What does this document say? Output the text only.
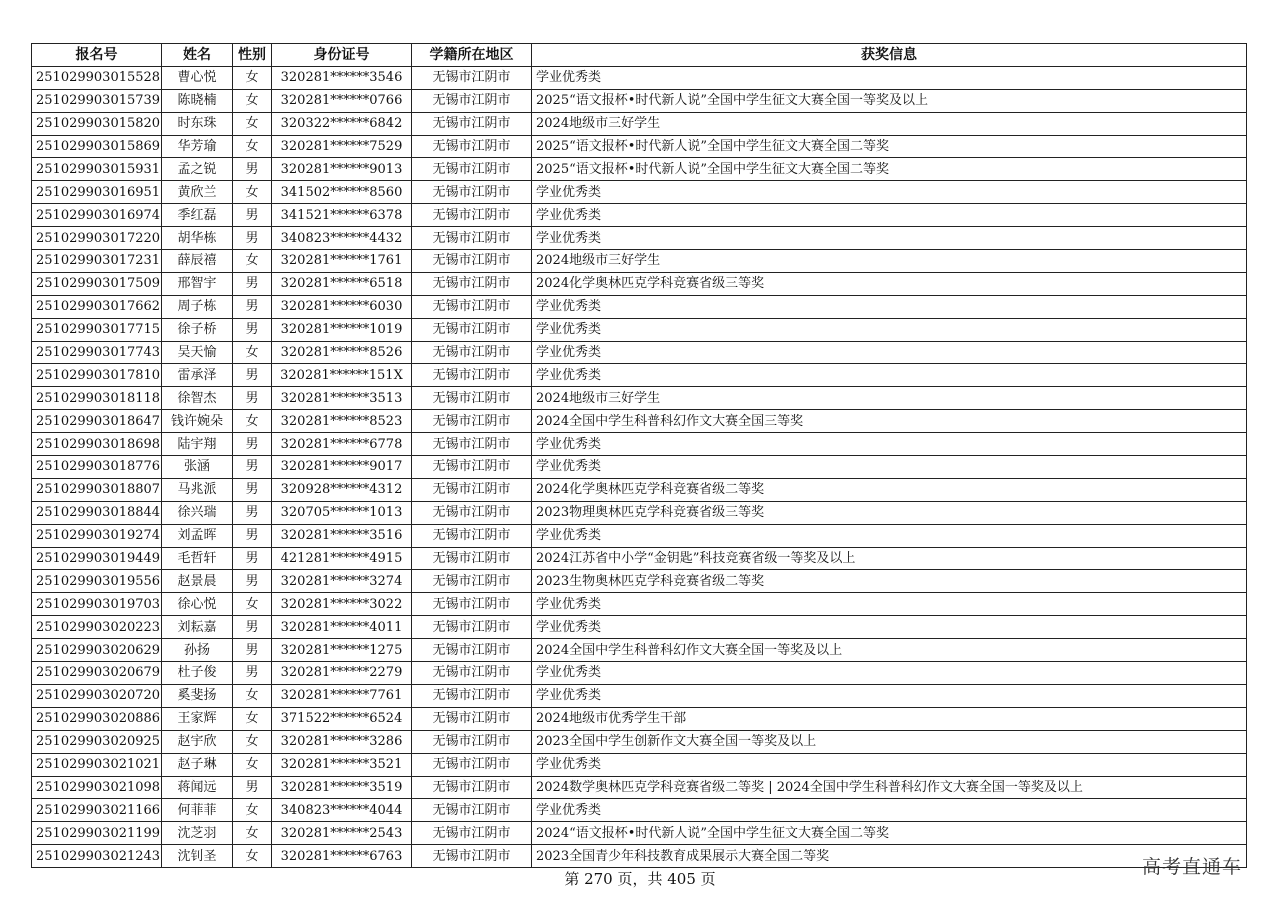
报名号	姓名	性别	身份证号	学籍所在地区	获奖信息
251029903015528	曹心悦	女	320281******3546	无锡市江阴市	学业优秀类
251029903015739	陈晓楠	女	320281******0766	无锡市江阴市	2025“语文报杯•时代新人说”全国中学生征文大赛全国一等奖及以上
251029903015820	时东珠	女	320322******6842	无锡市江阴市	2024地级市三好学生
251029903015869	华芳瑜	女	320281******7529	无锡市江阴市	2025“语文报杯•时代新人说”全国中学生征文大赛全国二等奖
251029903015931	孟之锐	男	320281******9013	无锡市江阴市	2025“语文报杯•时代新人说”全国中学生征文大赛全国二等奖
251029903016951	黄欣兰	女	341502******8560	无锡市江阴市	学业优秀类
251029903016974	季红磊	男	341521******6378	无锡市江阴市	学业优秀类
251029903017220	胡华栋	男	340823******4432	无锡市江阴市	学业优秀类
251029903017231	薛辰禧	女	320281******1761	无锡市江阴市	2024地级市三好学生
251029903017509	邢智宇	男	320281******6518	无锡市江阴市	2024化学奥林匹克学科竞赛省级三等奖
251029903017662	周子栋	男	320281******6030	无锡市江阴市	学业优秀类
251029903017715	徐子桥	男	320281******1019	无锡市江阴市	学业优秀类
251029903017743	吴天愉	女	320281******8526	无锡市江阴市	学业优秀类
251029903017810	雷承泽	男	320281******151X	无锡市江阴市	学业优秀类
251029903018118	徐智杰	男	320281******3513	无锡市江阴市	2024地级市三好学生
251029903018647	钱许婉朵	女	320281******8523	无锡市江阴市	2024全国中学生科普科幻作文大赛全国三等奖
251029903018698	陆宇翔	男	320281******6778	无锡市江阴市	学业优秀类
251029903018776	张涵	男	320281******9017	无锡市江阴市	学业优秀类
251029903018807	马兆派	男	320928******4312	无锡市江阴市	2024化学奥林匹克学科竞赛省级二等奖
251029903018844	徐兴瑞	男	320705******1013	无锡市江阴市	2023物理奥林匹克学科竞赛省级三等奖
251029903019274	刘孟晖	男	320281******3516	无锡市江阴市	学业优秀类
251029903019449	毛哲轩	男	421281******4915	无锡市江阴市	2024江苏省中小学“金钥匙”科技竞赛省级一等奖及以上
251029903019556	赵景晨	男	320281******3274	无锡市江阴市	2023生物奥林匹克学科竞赛省级二等奖
251029903019703	徐心悦	女	320281******3022	无锡市江阴市	学业优秀类
251029903020223	刘耘嘉	男	320281******4011	无锡市江阴市	学业优秀类
251029903020629	孙扬	男	320281******1275	无锡市江阴市	2024全国中学生科普科幻作文大赛全国一等奖及以上
251029903020679	杜子俊	男	320281******2279	无锡市江阴市	学业优秀类
251029903020720	奚斐扬	女	320281******7761	无锡市江阴市	学业优秀类
251029903020886	王家辉	女	371522******6524	无锡市江阴市	2024地级市优秀学生干部
251029903020925	赵宇欣	女	320281******3286	无锡市江阴市	2023全国中学生创新作文大赛全国一等奖及以上
251029903021021	赵子琳	女	320281******3521	无锡市江阴市	学业优秀类
251029903021098	蒋闻远	男	320281******3519	无锡市江阴市	2024数学奥林匹克学科竞赛省级二等奖 | 2024全国中学生科普科幻作文大赛全国一等奖及以上
251029903021166	何菲菲	女	340823******4044	无锡市江阴市	学业优秀类
251029903021199	沈芝羽	女	320281******2543	无锡市江阴市	2024“语文报杯•时代新人说”全国中学生征文大赛全国二等奖
251029903021243	沈钊圣	女	320281******6763	无锡市江阴市	2023全国青少年科技教育成果展示大赛全国二等奖
第 270 页，共 405 页
高考直通车
